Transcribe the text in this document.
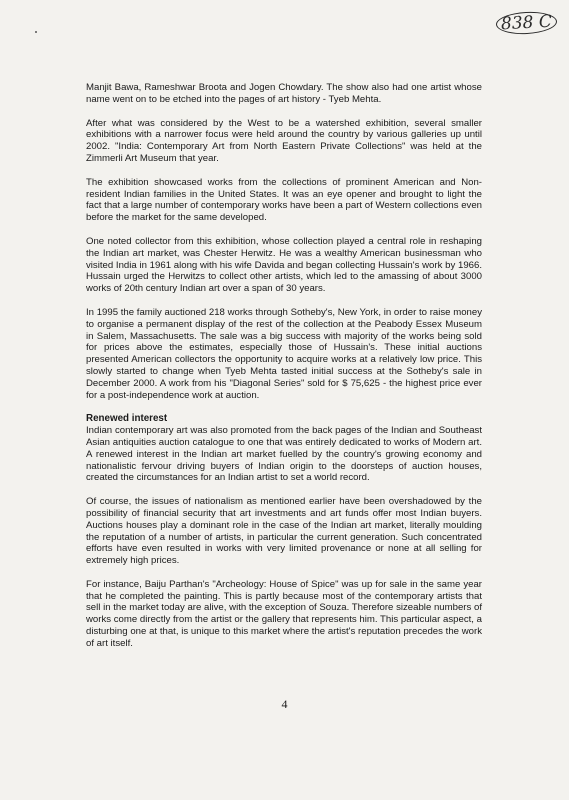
838 C

Manjit Bawa, Rameshwar Broota and Jogen Chowdary. The show also had one artist whose name went on to be etched into the pages of art history - Tyeb Mehta.

After what was considered by the West to be a watershed exhibition, several smaller exhibitions with a narrower focus were held around the country by various galleries up until 2002. "India: Contemporary Art from North Eastern Private Collections" was held at the Zimmerli Art Museum that year.

The exhibition showcased works from the collections of prominent American and Non-resident Indian families in the United States. It was an eye opener and brought to light the fact that a large number of contemporary works have been a part of Western collections even before the market for the same developed.

One noted collector from this exhibition, whose collection played a central role in reshaping the Indian art market, was Chester Herwitz. He was a wealthy American businessman who visited India in 1961 along with his wife Davida and began collecting Hussain's work by 1966. Hussain urged the Herwitzs to collect other artists, which led to the amassing of about 3000 works of 20th century Indian art over a span of 30 years.

In 1995 the family auctioned 218 works through Sotheby's, New York, in order to raise money to organise a permanent display of the rest of the collection at the Peabody Essex Museum in Salem, Massachusetts. The sale was a big success with majority of the works being sold for prices above the estimates, especially those of Hussain's. These initial auctions presented American collectors the opportunity to acquire works at a relatively low price. This slowly started to change when Tyeb Mehta tasted initial success at the Sotheby's sale in December 2000. A work from his "Diagonal Series" sold for $ 75,625 - the highest price ever for a post-independence work at auction.

Renewed interest

Indian contemporary art was also promoted from the back pages of the Indian and Southeast Asian antiquities auction catalogue to one that was entirely dedicated to works of Modern art. A renewed interest in the Indian art market fuelled by the country's growing economy and nationalistic fervour driving buyers of Indian origin to the doorsteps of auction houses, created the circumstances for an Indian artist to set a world record.

Of course, the issues of nationalism as mentioned earlier have been overshadowed by the possibility of financial security that art investments and art funds offer most Indian buyers. Auctions houses play a dominant role in the case of the Indian art market, literally moulding the reputation of a number of artists, in particular the current generation. Such concentrated efforts have even resulted in works with very limited provenance or none at all selling for extremely high prices.

For instance, Baiju Parthan's "Archeology: House of Spice" was up for sale in the same year that he completed the painting. This is partly because most of the contemporary artists that sell in the market today are alive, with the exception of Souza. Therefore sizeable numbers of works come directly from the artist or the gallery that represents him. This particular aspect, a disturbing one at that, is unique to this market where the artist's reputation precedes the work of art itself.

4
